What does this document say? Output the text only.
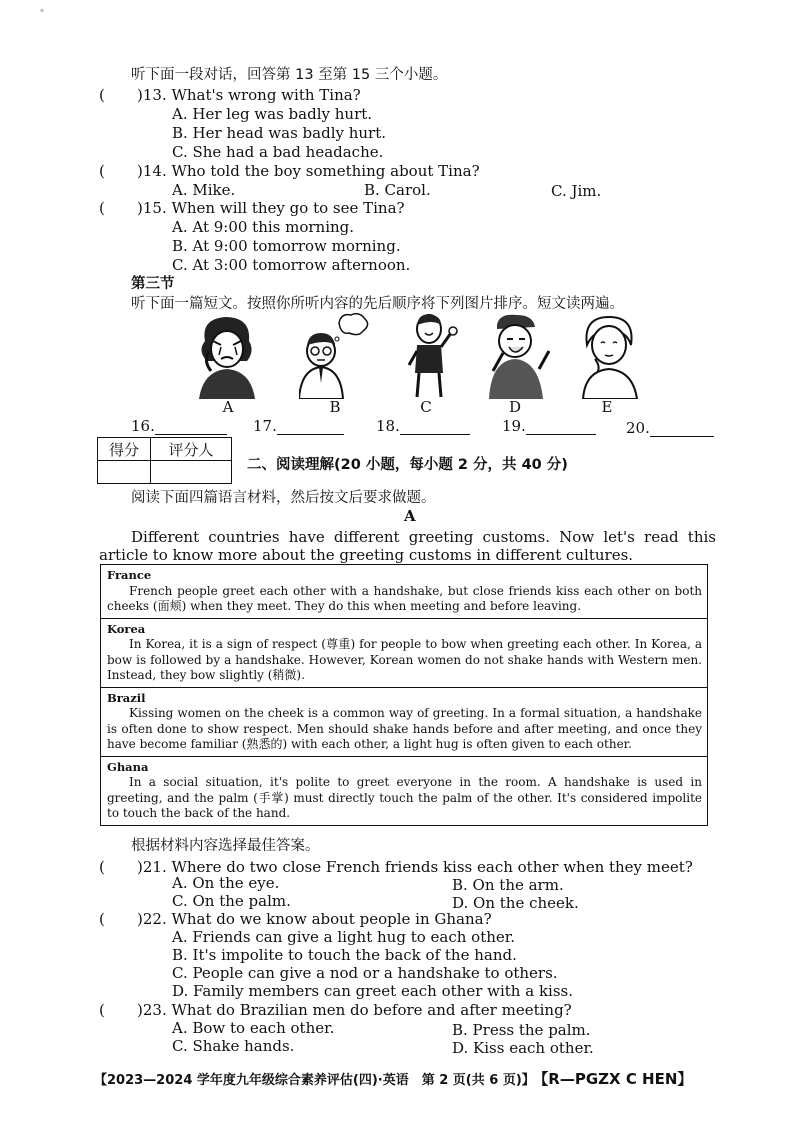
*
听下面一段对话，回答第 13 至第 15 三个小题。
( )13. What's wrong with Tina?
A. Her leg was badly hurt.
B. Her head was badly hurt.
C. She had a bad headache.
( )14. Who told the boy something about Tina?
A. Mike.	B. Carol.	C. Jim.
( )15. When will they go to see Tina?
A. At 9:00 this morning.
B. At 9:00 tomorrow morning.
C. At 3:00 tomorrow afternoon.
第三节
听下面一篇短文。按照你所听内容的先后顺序将下列图片排序。短文读两遍。
A	B	C	D	E
16.	17.	18.	19.	20.
得分	评分人

二、阅读理解(20 小题，每小题 2 分，共 40 分)
阅读下面四篇语言材料，然后按文后要求做题。
A
Different countries have different greeting customs. Now let's read this article to know more about the greeting customs in different cultures.
France
French people greet each other with a handshake, but close friends kiss each other on both cheeks (面颊) when they meet. They do this when meeting and before leaving.
Korea
In Korea, it is a sign of respect (尊重) for people to bow when greeting each other. In Korea, a bow is followed by a handshake. However, Korean women do not shake hands with Western men. Instead, they bow slightly (稍微).
Brazil
Kissing women on the cheek is a common way of greeting. In a formal situation, a handshake is often done to show respect. Men should shake hands before and after meeting, and once they have become familiar (熟悉的) with each other, a light hug is often given to each other.
Ghana
In a social situation, it's polite to greet everyone in the room. A handshake is used in greeting, and the palm (手掌) must directly touch the palm of the other. It's considered impolite to touch the back of the hand.
根据材料内容选择最佳答案。
( )21. Where do two close French friends kiss each other when they meet?
A. On the eye.	B. On the arm.
C. On the palm.	D. On the cheek.
( )22. What do we know about people in Ghana?
A. Friends can give a light hug to each other.
B. It's impolite to touch the back of the hand.
C. People can give a nod or a handshake to others.
D. Family members can greet each other with a kiss.
( )23. What do Brazilian men do before and after meeting?
A. Bow to each other.	B. Press the palm.
C. Shake hands.	D. Kiss each other.
【2023—2024 学年度九年级综合素养评估(四)·英语　第 2 页(共 6 页)】 【R—PGZX C HEN】
